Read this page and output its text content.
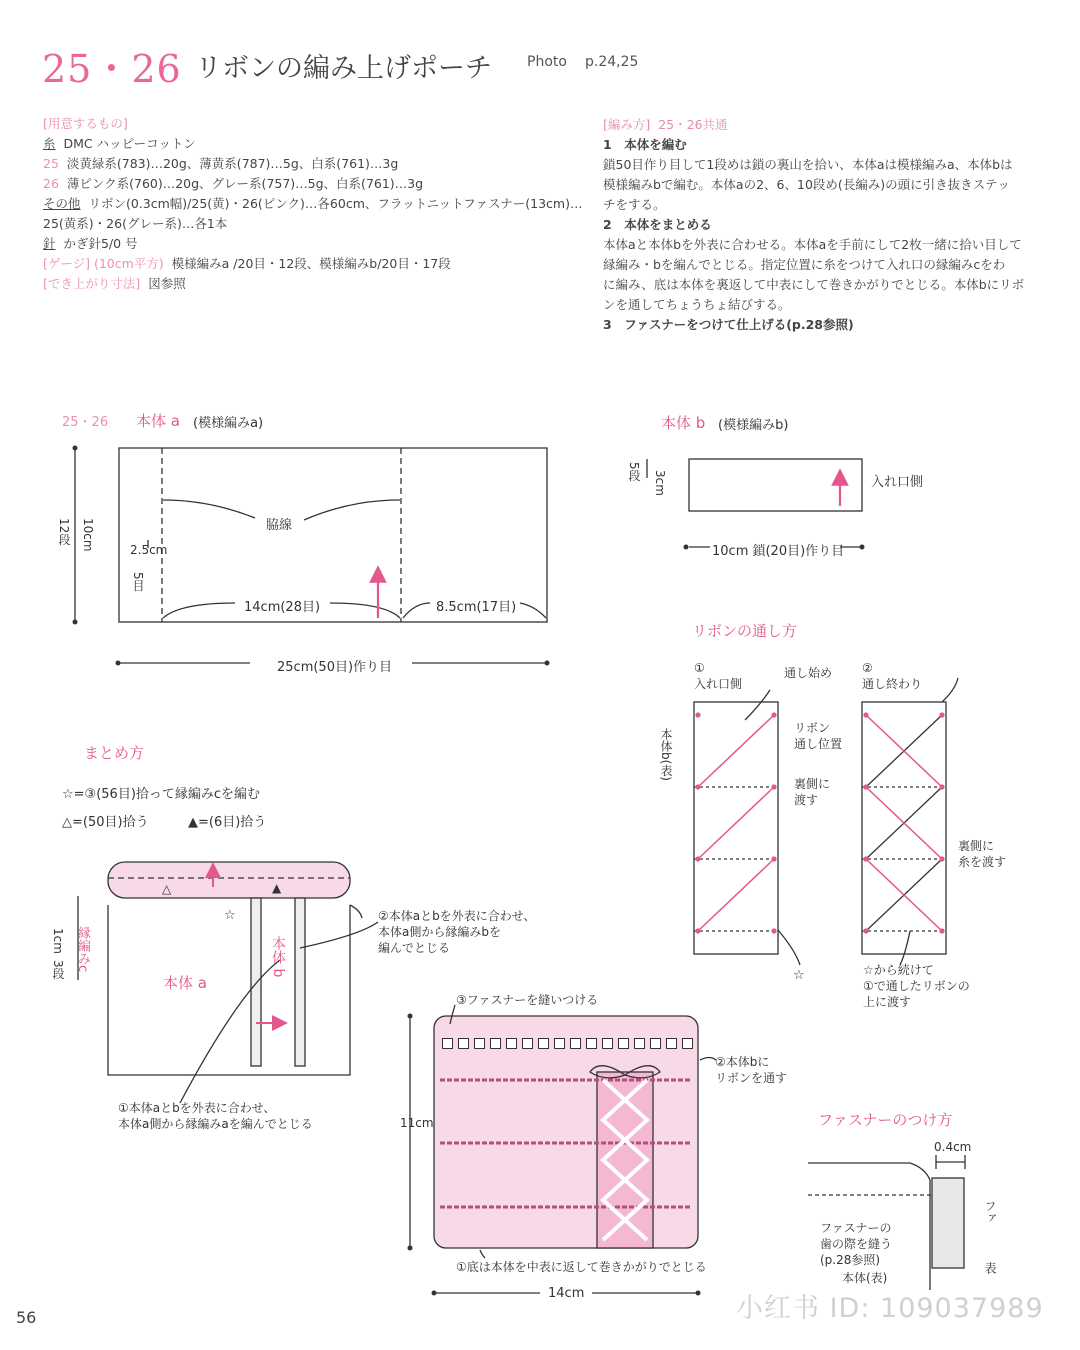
25・26 リボンの編み上げポーチ	Photo p.24,25
[用意するもの]
糸 DMC ハッピーコットン
25 淡黄緑系(783)…20g、薄黄系(787)…5g、白系(761)…3g
26 薄ピンク系(760)…20g、グレー系(757)…5g、白系(761)…3g
その他 リボン(0.3cm幅)/25(黄)・26(ピンク)…各60cm、フラットニットファスナー(13cm)…
25(黄系)・26(グレー系)…各1本
針 かぎ針5/0 号
[ゲージ] (10cm平方) 模様編みa /20目・12段、模様編みb/20目・17段
[でき上がり寸法] 図参照
[編み方] 25・26共通
1　本体を編む
鎖50目作り目して1段めは鎖の裏山を拾い、本体aは模様編みa、本体bは
模様編みbで編む。本体aの2、6、10段め(長編み)の頭に引き抜きステッ
チをする。
2　本体をまとめる
本体aと本体bを外表に合わせる。本体aを手前にして2枚一緒に拾い目して
縁編み・bを編んでとじる。指定位置に糸をつけて入れ口の縁編みcをわ
に編み、底は本体を裏返して中表にして巻きかがりでとじる。本体bにリボ
ンを通してちょうちょ結びする。
3　ファスナーをつけて仕上げる(p.28参照)
△	▲
☆
☆
25・26 本体 a (模様編みa)
12段 10cm	脇線
2.5cm
5目
14cm(28目)	8.5cm(17目)
25cm(50目)作り目
本体 b (模様編みb)
5段 3cm	入れ口側
10cm 鎖(20目)作り目
まとめ方
☆=③(56目)拾って縁編みcを編む
△=(50目)拾う	▲=(6目)拾う
1cm
3段 縁編みc
本体 a
本体 b
②本体aとbを外表に合わせ、
本体a側から縁編みbを
編んでとじる
①本体aとbを外表に合わせ、
本体a側から縁編みaを編んでとじる
リボンの通し方
①
入れ口側
通し始め ②
通し終わり
本体b(表)	リボン
通し位置
裏側に
渡す
裏側に
糸を渡す
☆から続けて
①で通したリボンの
上に渡す
③ファスナーを縫いつける
②本体bに
リボンを通す
11cm
①底は本体を中表に返して巻きかがりでとじる
14cm
ファスナーのつけ方
0.4cm
ファスナーの
歯の際を縫う
(p.28参照)
本体(表)
ファ
表
56	小红书 ID: 109037989
